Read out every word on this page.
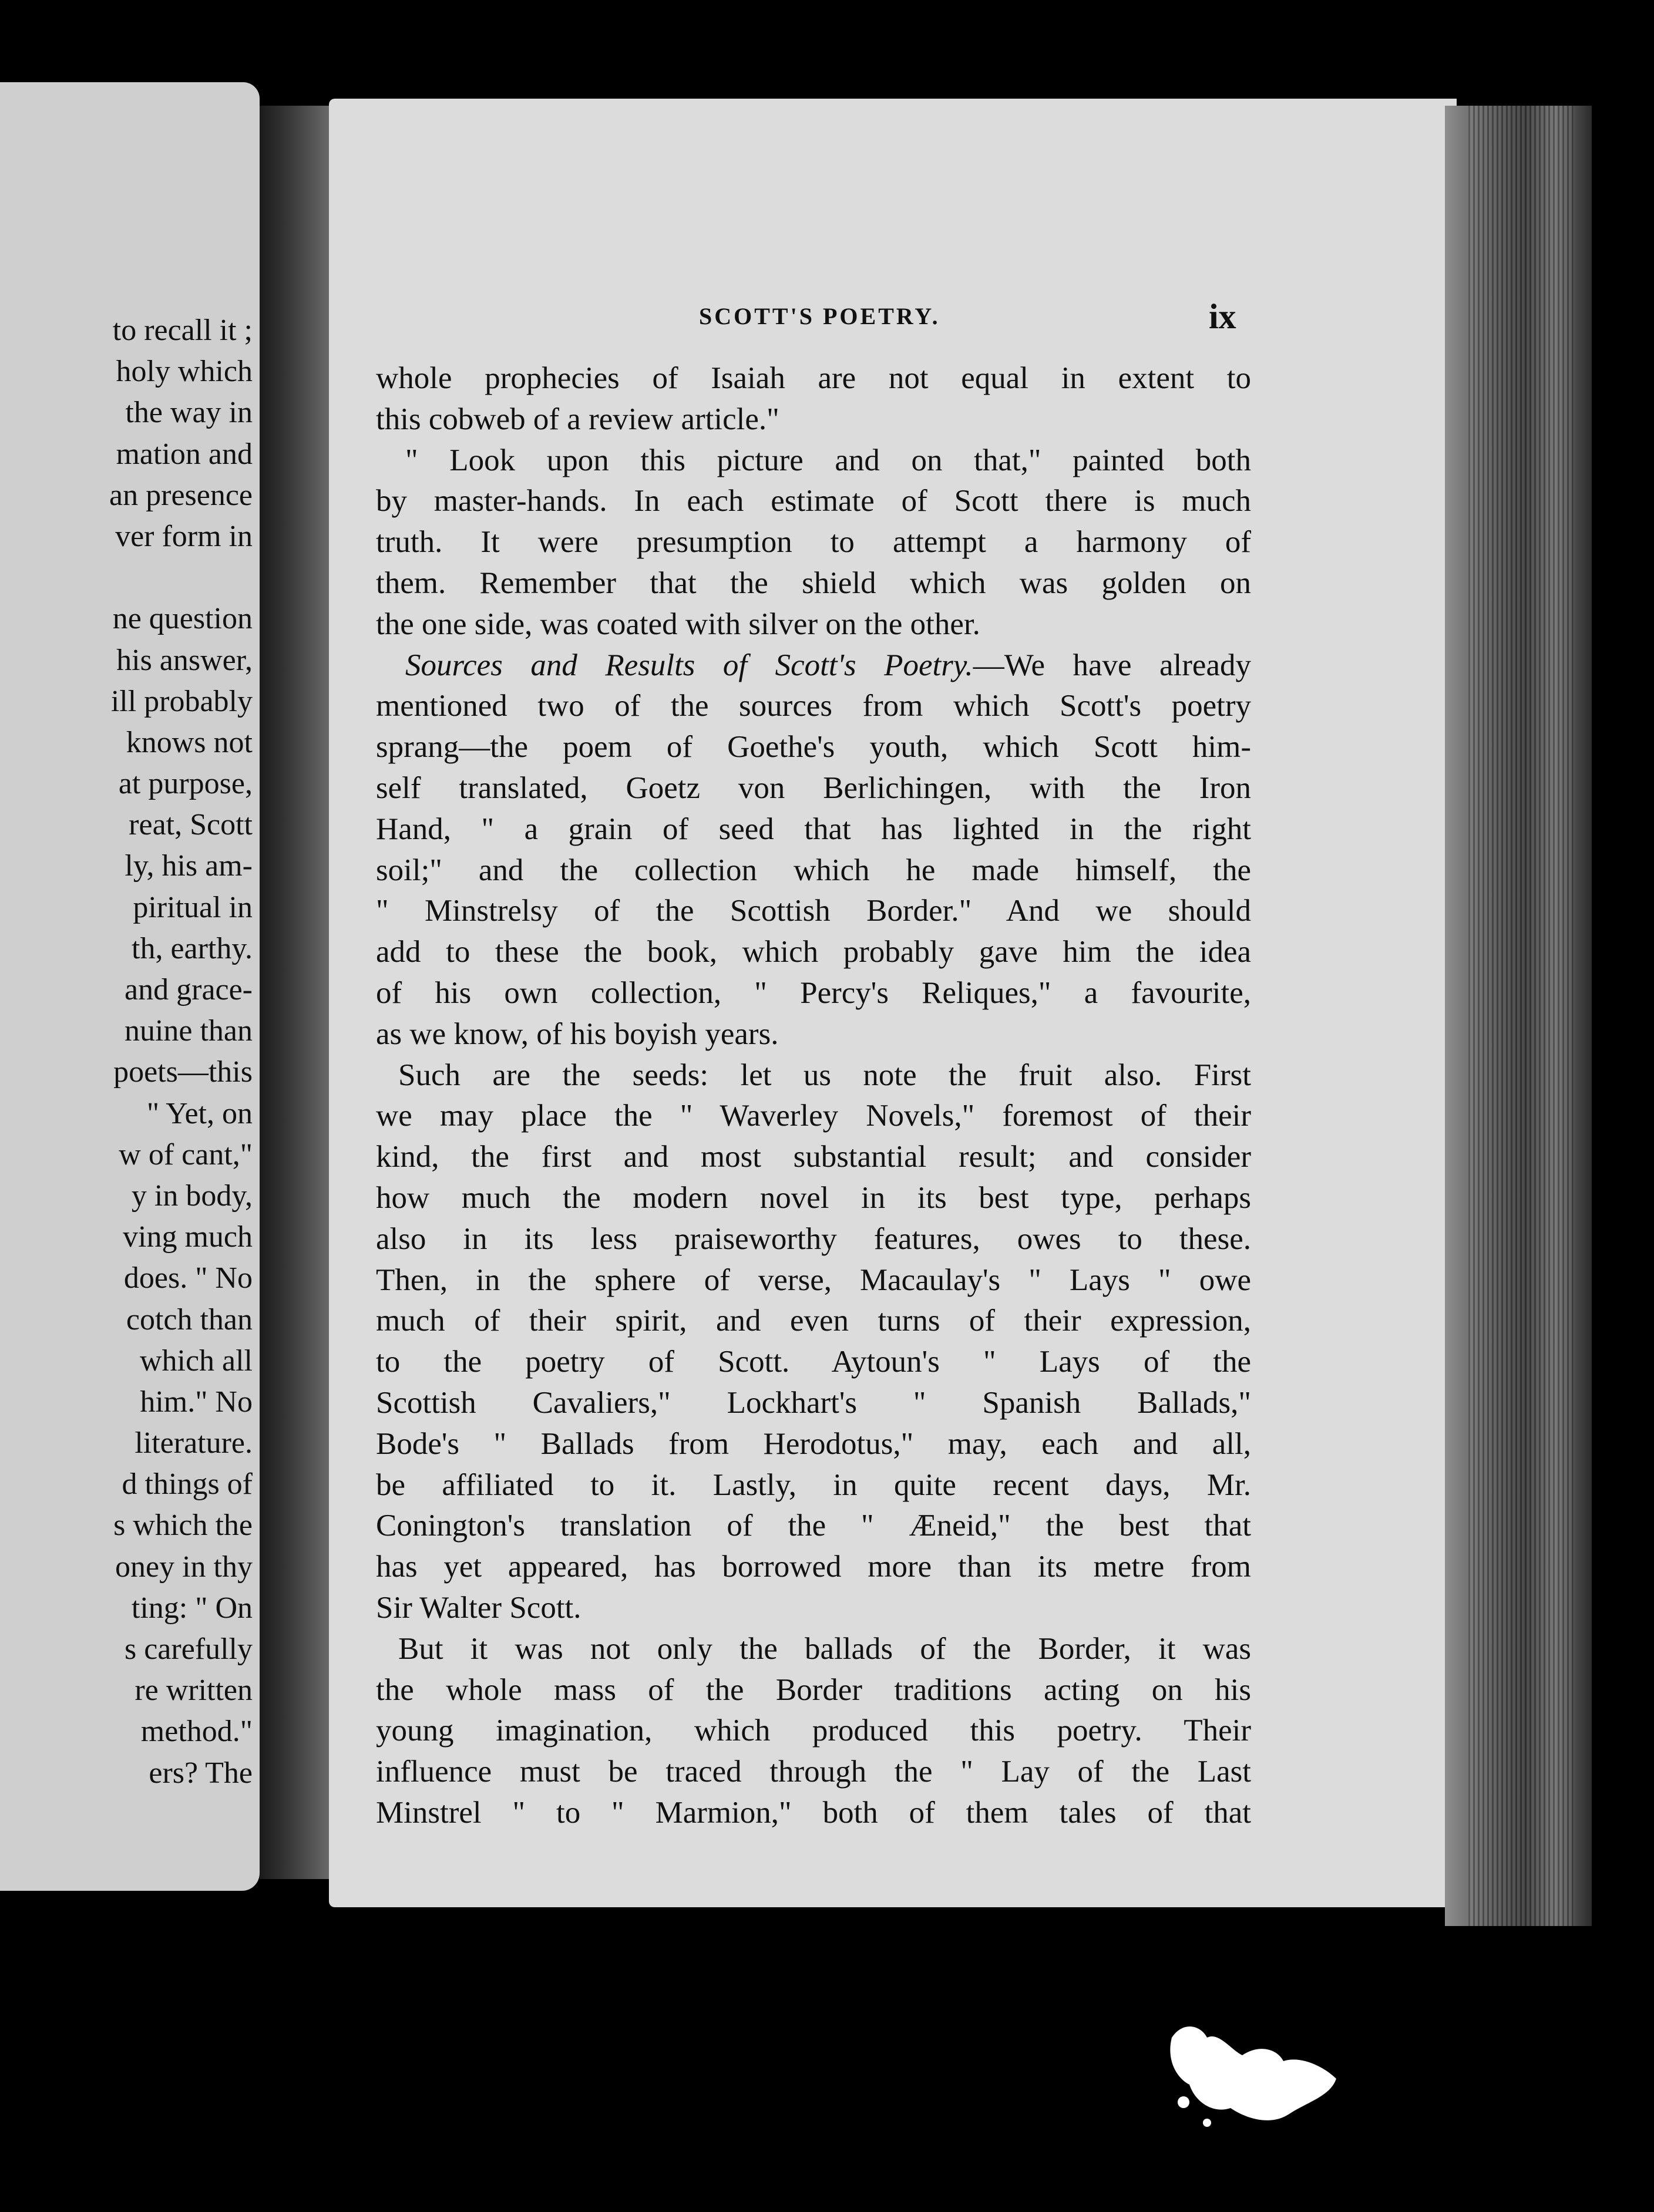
to recall it ;
holy which
the way in
mation and
an presence
ver form in
ne question
his answer,
ill probably
knows not
at purpose,
reat, Scott
ly, his am-
piritual in
th, earthy.
and grace-
nuine than
poets—this
" Yet, on
w of cant,"
y in body,
ving much
does. " No
cotch than
which all
him." No
literature.
d things of
s which the
oney in thy
ting: " On
s carefully
re written
method."
ers? The
SCOTT'S POETRY.	ix
whole prophecies of Isaiah are not equal in extent to
this cobweb of a review article."
" Look upon this picture and on that," painted both
by master-hands. In each estimate of Scott there is much
truth. It were presumption to attempt a harmony of
them. Remember that the shield which was golden on
the one side, was coated with silver on the other.
Sources and Results of Scott's Poetry.—We have already
mentioned two of the sources from which Scott's poetry
sprang—the poem of Goethe's youth, which Scott him-
self translated, Goetz von Berlichingen, with the Iron
Hand, " a grain of seed that has lighted in the right
soil;" and the collection which he made himself, the
" Minstrelsy of the Scottish Border." And we should
add to these the book, which probably gave him the idea
of his own collection, " Percy's Reliques," a favourite,
as we know, of his boyish years.
Such are the seeds: let us note the fruit also. First
we may place the " Waverley Novels," foremost of their
kind, the first and most substantial result; and consider
how much the modern novel in its best type, perhaps
also in its less praiseworthy features, owes to these.
Then, in the sphere of verse, Macaulay's " Lays " owe
much of their spirit, and even turns of their expression,
to the poetry of Scott. Aytoun's " Lays of the
Scottish Cavaliers," Lockhart's " Spanish Ballads,"
Bode's " Ballads from Herodotus," may, each and all,
be affiliated to it. Lastly, in quite recent days, Mr.
Conington's translation of the " Æneid," the best that
has yet appeared, has borrowed more than its metre from
Sir Walter Scott.
But it was not only the ballads of the Border, it was
the whole mass of the Border traditions acting on his
young imagination, which produced this poetry. Their
influence must be traced through the " Lay of the Last
Minstrel " to " Marmion," both of them tales of that
